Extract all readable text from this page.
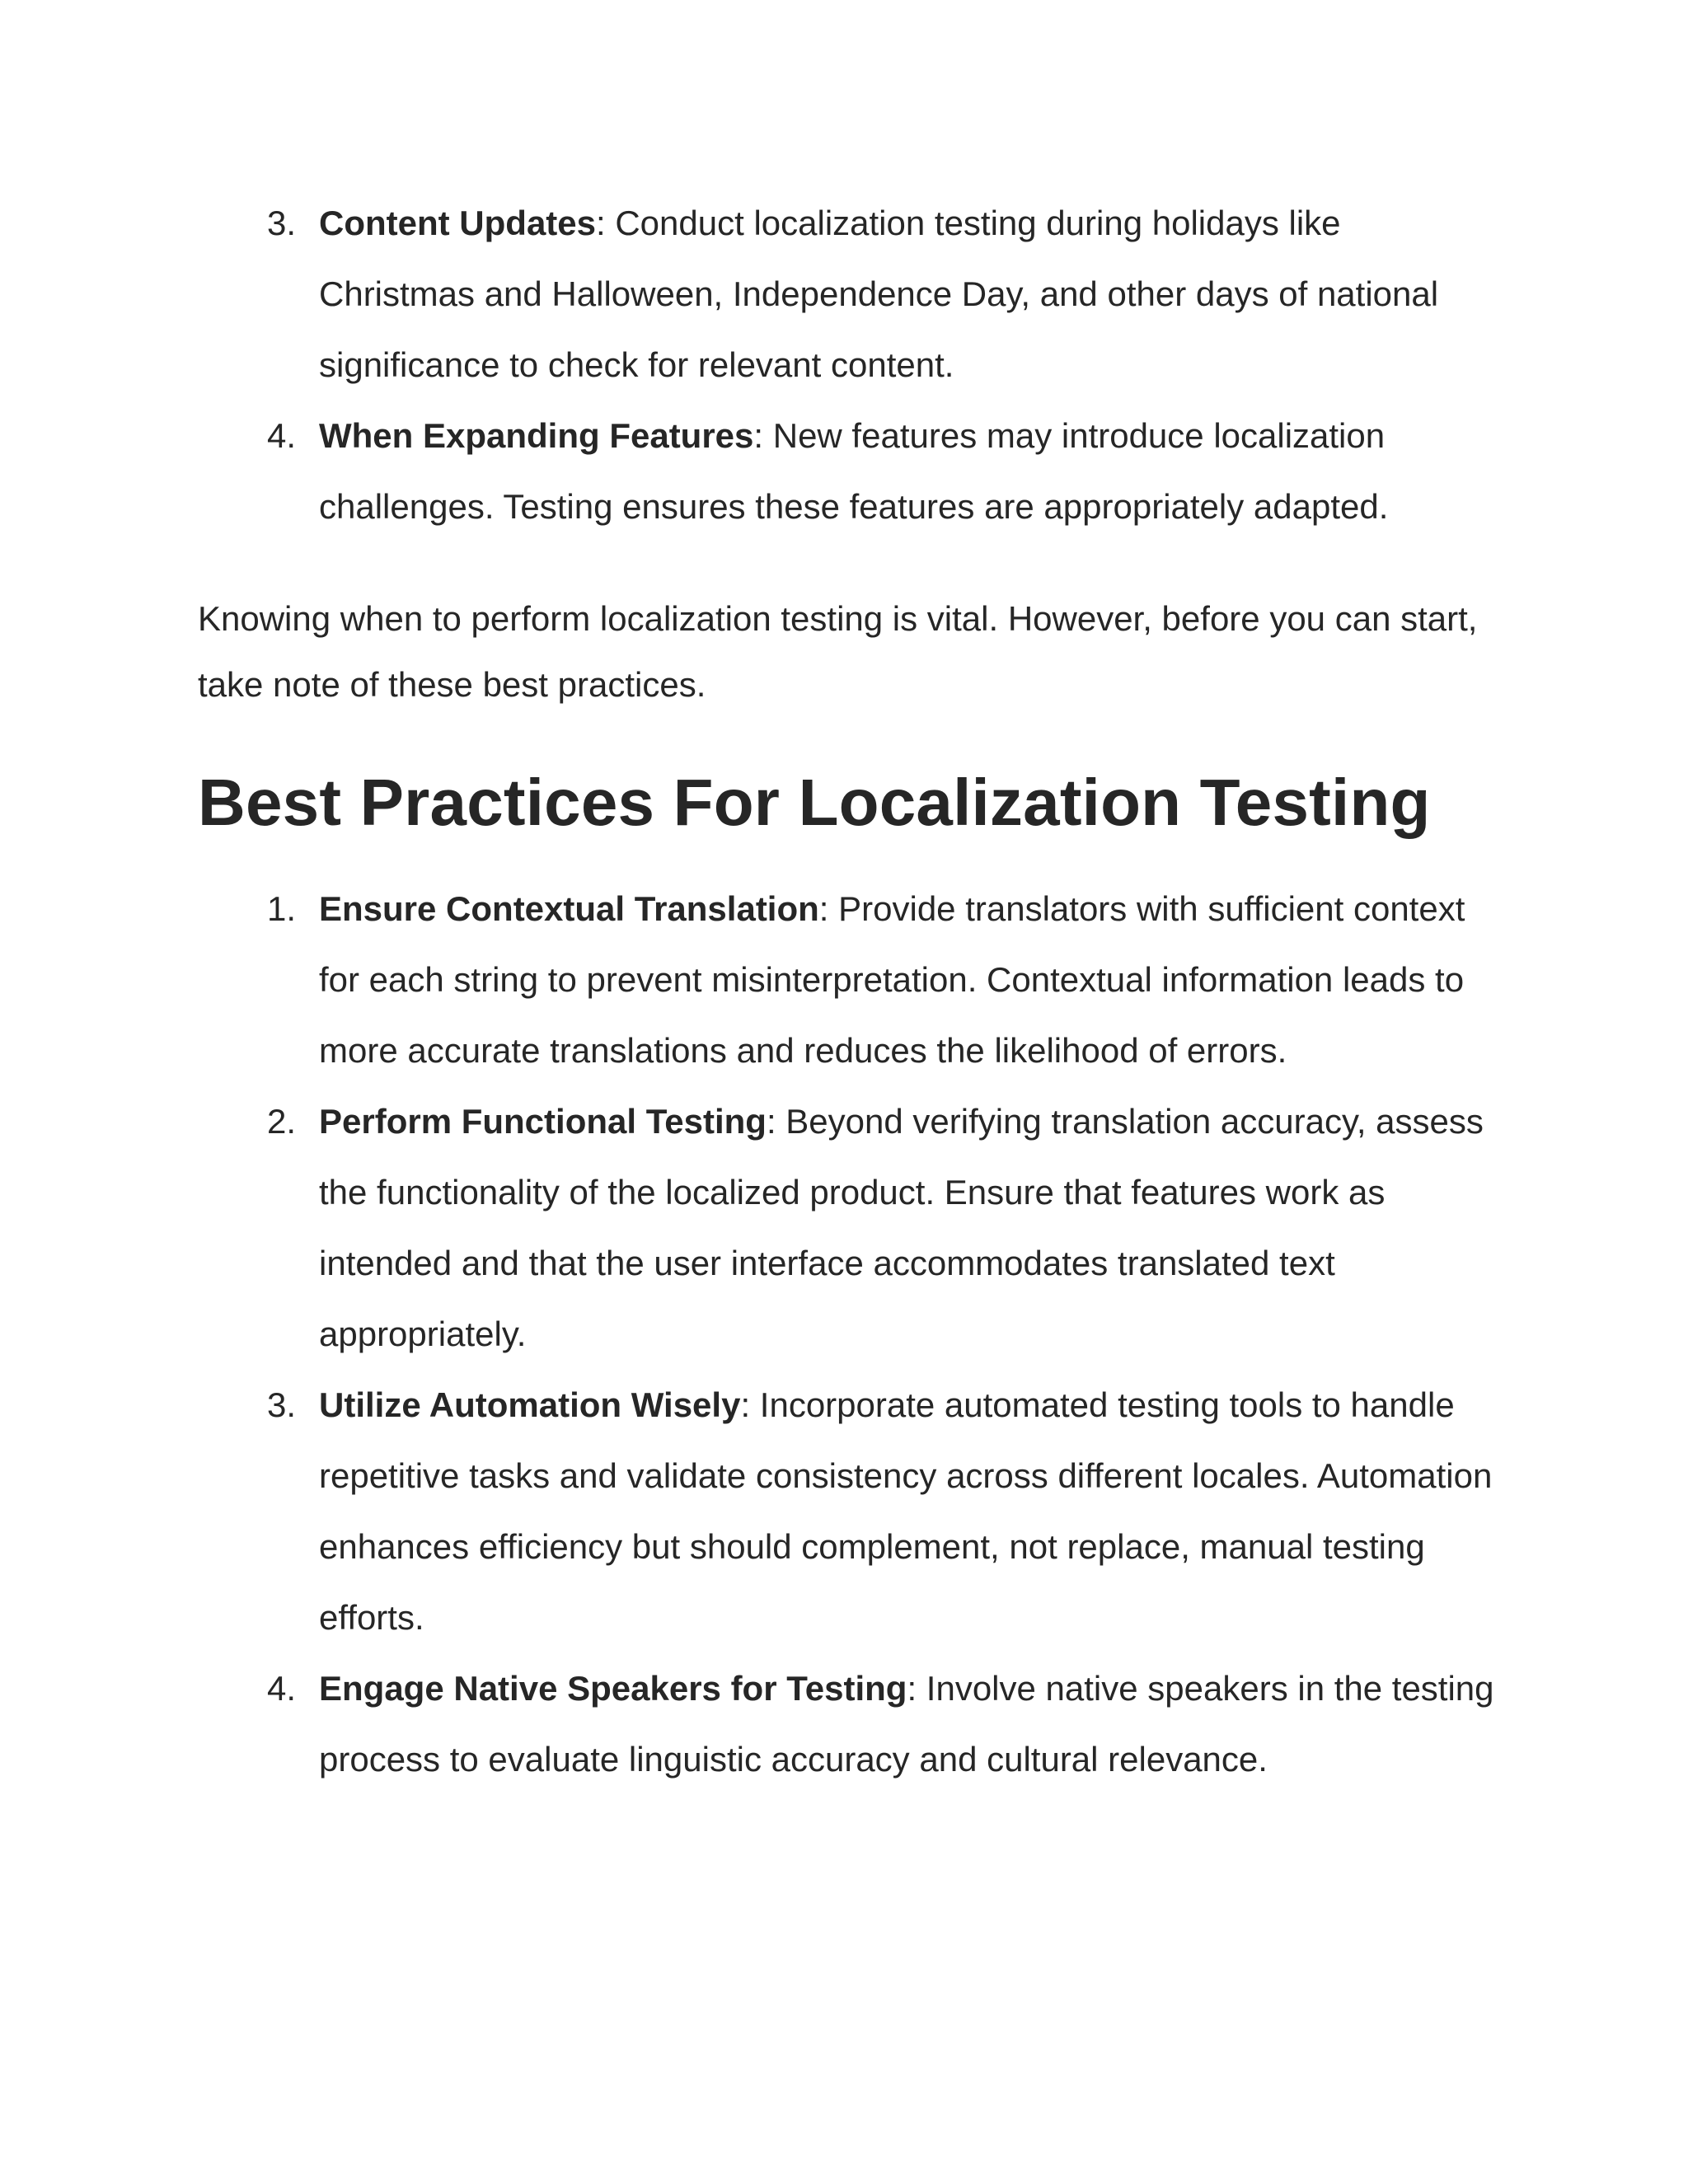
3. Content Updates: Conduct localization testing during holidays like Christmas and Halloween, Independence Day, and other days of national significance to check for relevant content.
4. When Expanding Features: New features may introduce localization challenges. Testing ensures these features are appropriately adapted.

Knowing when to perform localization testing is vital. However, before you can start, take note of these best practices.

Best Practices For Localization Testing
1. Ensure Contextual Translation: Provide translators with sufficient context for each string to prevent misinterpretation. Contextual information leads to more accurate translations and reduces the likelihood of errors.
2. Perform Functional Testing: Beyond verifying translation accuracy, assess the functionality of the localized product. Ensure that features work as intended and that the user interface accommodates translated text appropriately.
3. Utilize Automation Wisely: Incorporate automated testing tools to handle repetitive tasks and validate consistency across different locales. Automation enhances efficiency but should complement, not replace, manual testing efforts.
4. Engage Native Speakers for Testing: Involve native speakers in the testing process to evaluate linguistic accuracy and cultural relevance.
